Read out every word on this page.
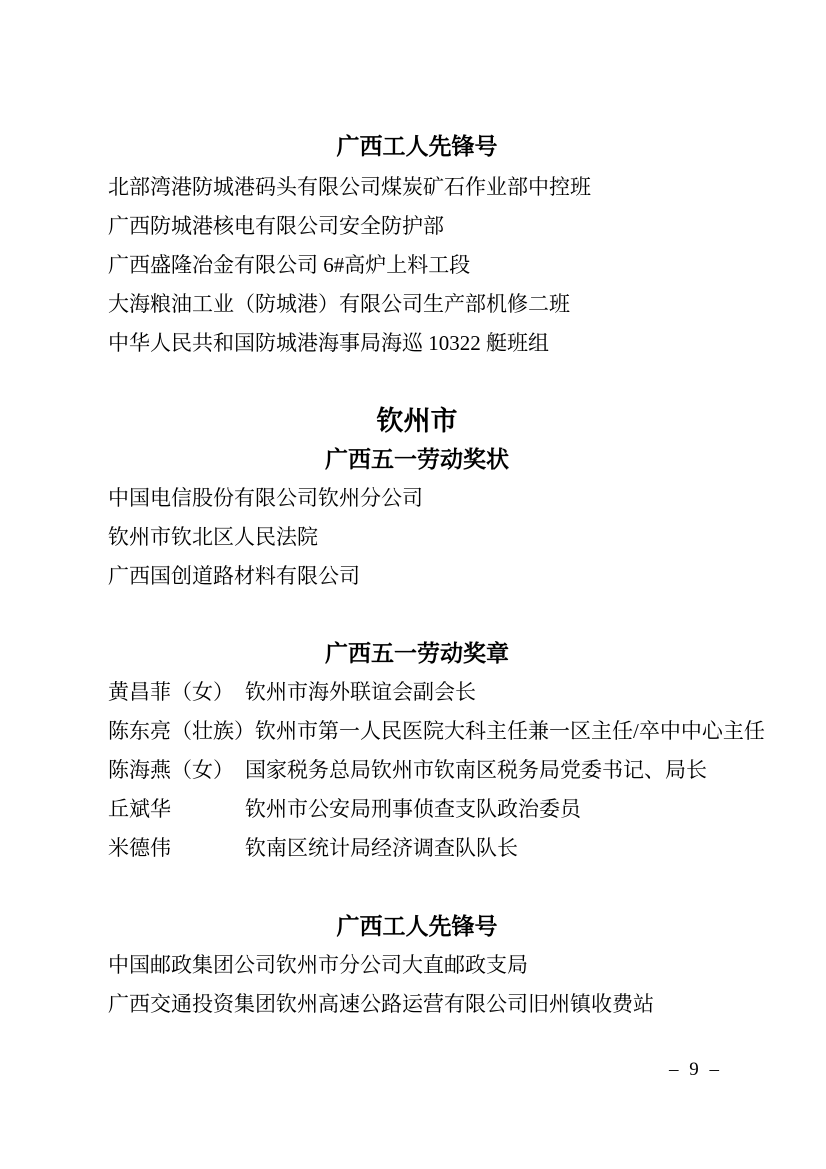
广西工人先锋号

北部湾港防城港码头有限公司煤炭矿石作业部中控班

广西防城港核电有限公司安全防护部

广西盛隆冶金有限公司 6#高炉上料工段

大海粮油工业（防城港）有限公司生产部机修二班

中华人民共和国防城港海事局海巡 10322 艇班组

钦州市
广西五一劳动奖状

中国电信股份有限公司钦州分公司

钦州市钦北区人民法院

广西国创道路材料有限公司

广西五一劳动奖章

黄昌菲（女） 钦州市海外联谊会副会长

陈东亮（壮族）钦州市第一人民医院大科主任兼一区主任/卒中中心主任

陈海燕（女） 国家税务总局钦州市钦南区税务局党委书记、局长

丘斌华	钦州市公安局刑事侦查支队政治委员

米德伟	钦南区统计局经济调查队队长

广西工人先锋号

中国邮政集团公司钦州市分公司大直邮政支局

广西交通投资集团钦州高速公路运营有限公司旧州镇收费站

– 9 –
